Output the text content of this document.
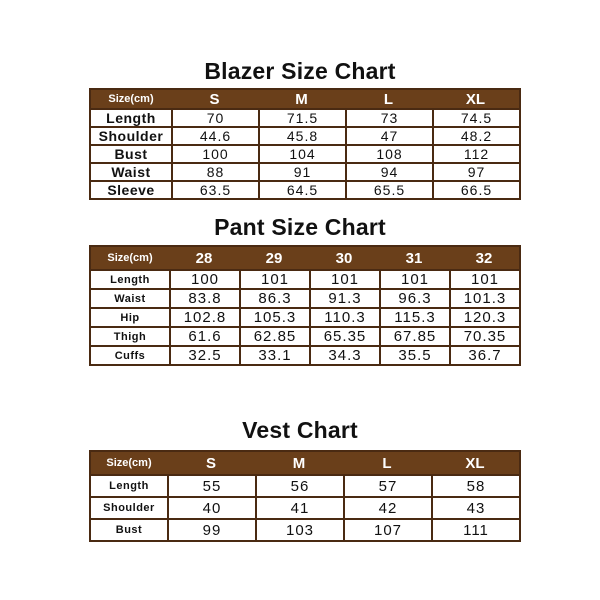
Blazer Size Chart
Size(cm)	S	M	L	XL
Length	70	71.5	73	74.5
Shoulder	44.6	45.8	47	48.2
Bust	100	104	108	112
Waist	88	91	94	97
Sleeve	63.5	64.5	65.5	66.5
Pant Size Chart
Size(cm)	28	29	30	31	32
Length	100	101	101	101	101
Waist	83.8	86.3	91.3	96.3	101.3
Hip	102.8	105.3	110.3	115.3	120.3
Thigh	61.6	62.85	65.35	67.85	70.35
Cuffs	32.5	33.1	34.3	35.5	36.7
Vest Chart
Size(cm)	S	M	L	XL
Length	55	56	57	58
Shoulder	40	41	42	43
Bust	99	103	107	111
